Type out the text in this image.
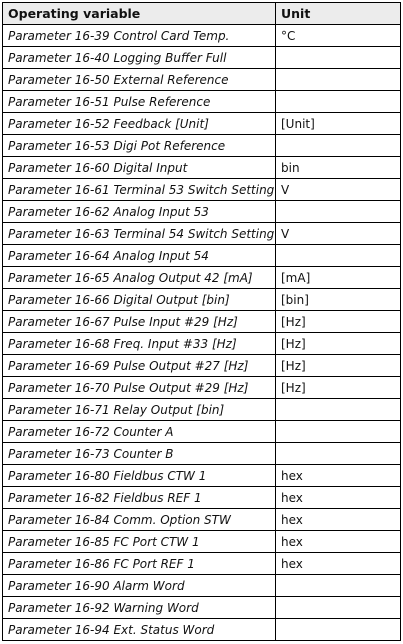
Operating variable	Unit
Parameter 16-39 Control Card Temp.	°C
Parameter 16-40 Logging Buffer Full	
Parameter 16-50 External Reference	
Parameter 16-51 Pulse Reference	
Parameter 16-52 Feedback [Unit]	[Unit]
Parameter 16-53 Digi Pot Reference	
Parameter 16-60 Digital Input	bin
Parameter 16-61 Terminal 53 Switch Setting	V
Parameter 16-62 Analog Input 53	
Parameter 16-63 Terminal 54 Switch Setting	V
Parameter 16-64 Analog Input 54	
Parameter 16-65 Analog Output 42 [mA]	[mA]
Parameter 16-66 Digital Output [bin]	[bin]
Parameter 16-67 Pulse Input #29 [Hz]	[Hz]
Parameter 16-68 Freq. Input #33 [Hz]	[Hz]
Parameter 16-69 Pulse Output #27 [Hz]	[Hz]
Parameter 16-70 Pulse Output #29 [Hz]	[Hz]
Parameter 16-71 Relay Output [bin]	
Parameter 16-72 Counter A	
Parameter 16-73 Counter B	
Parameter 16-80 Fieldbus CTW 1	hex
Parameter 16-82 Fieldbus REF 1	hex
Parameter 16-84 Comm. Option STW	hex
Parameter 16-85 FC Port CTW 1	hex
Parameter 16-86 FC Port REF 1	hex
Parameter 16-90 Alarm Word	
Parameter 16-92 Warning Word	
Parameter 16-94 Ext. Status Word	
